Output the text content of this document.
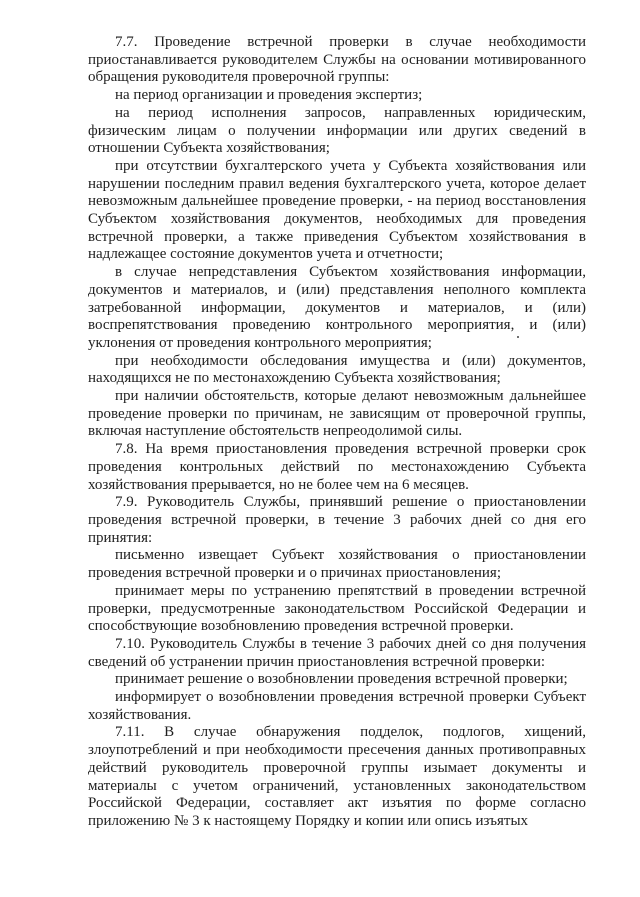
7.7. Проведение встречной проверки в случае необходимости приостанавливается руководителем Службы на основании мотивированного обращения руководителя проверочной группы:

на период организации и проведения экспертиз;

на период исполнения запросов, направленных юридическим, физическим лицам о получении информации или других сведений в отношении Субъекта хозяйствования;

при отсутствии бухгалтерского учета у Субъекта хозяйствования или нарушении последним правил ведения бухгалтерского учета, которое делает невозможным дальнейшее проведение проверки, - на период восстановления Субъектом хозяйствования документов, необходимых для проведения встречной проверки, а также приведения Субъектом хозяйствования в надлежащее состояние документов учета и отчетности;

в случае непредставления Субъектом хозяйствования информации, документов и материалов, и (или) представления неполного комплекта затребованной информации, документов и материалов, и (или) воспрепятствования проведению контрольного мероприятия, и (или) уклонения от проведения контрольного мероприятия;

при необходимости обследования имущества и (или) документов, находящихся не по местонахождению Субъекта хозяйствования;

при наличии обстоятельств, которые делают невозможным дальнейшее проведение проверки по причинам, не зависящим от проверочной группы, включая наступление обстоятельств непреодолимой силы.

7.8. На время приостановления проведения встречной проверки срок проведения контрольных действий по местонахождению Субъекта хозяйствования прерывается, но не более чем на 6 месяцев.

7.9. Руководитель Службы, принявший решение о приостановлении проведения встречной проверки, в течение 3 рабочих дней со дня его принятия:

письменно извещает Субъект хозяйствования о приостановлении проведения встречной проверки и о причинах приостановления;

принимает меры по устранению препятствий в проведении встречной проверки, предусмотренные законодательством Российской Федерации и способствующие возобновлению проведения встречной проверки.

7.10. Руководитель Службы в течение 3 рабочих дней со дня получения сведений об устранении причин приостановления встречной проверки:

принимает решение о возобновлении проведения встречной проверки;

информирует о возобновлении проведения встречной проверки Субъект хозяйствования.

7.11. В случае обнаружения подделок, подлогов, хищений, злоупотреблений и при необходимости пресечения данных противоправных действий руководитель проверочной группы изымает документы и материалы с учетом ограничений, установленных законодательством Российской Федерации, составляет акт изъятия по форме согласно приложению № 3 к настоящему Порядку и копии или опись изъятых
